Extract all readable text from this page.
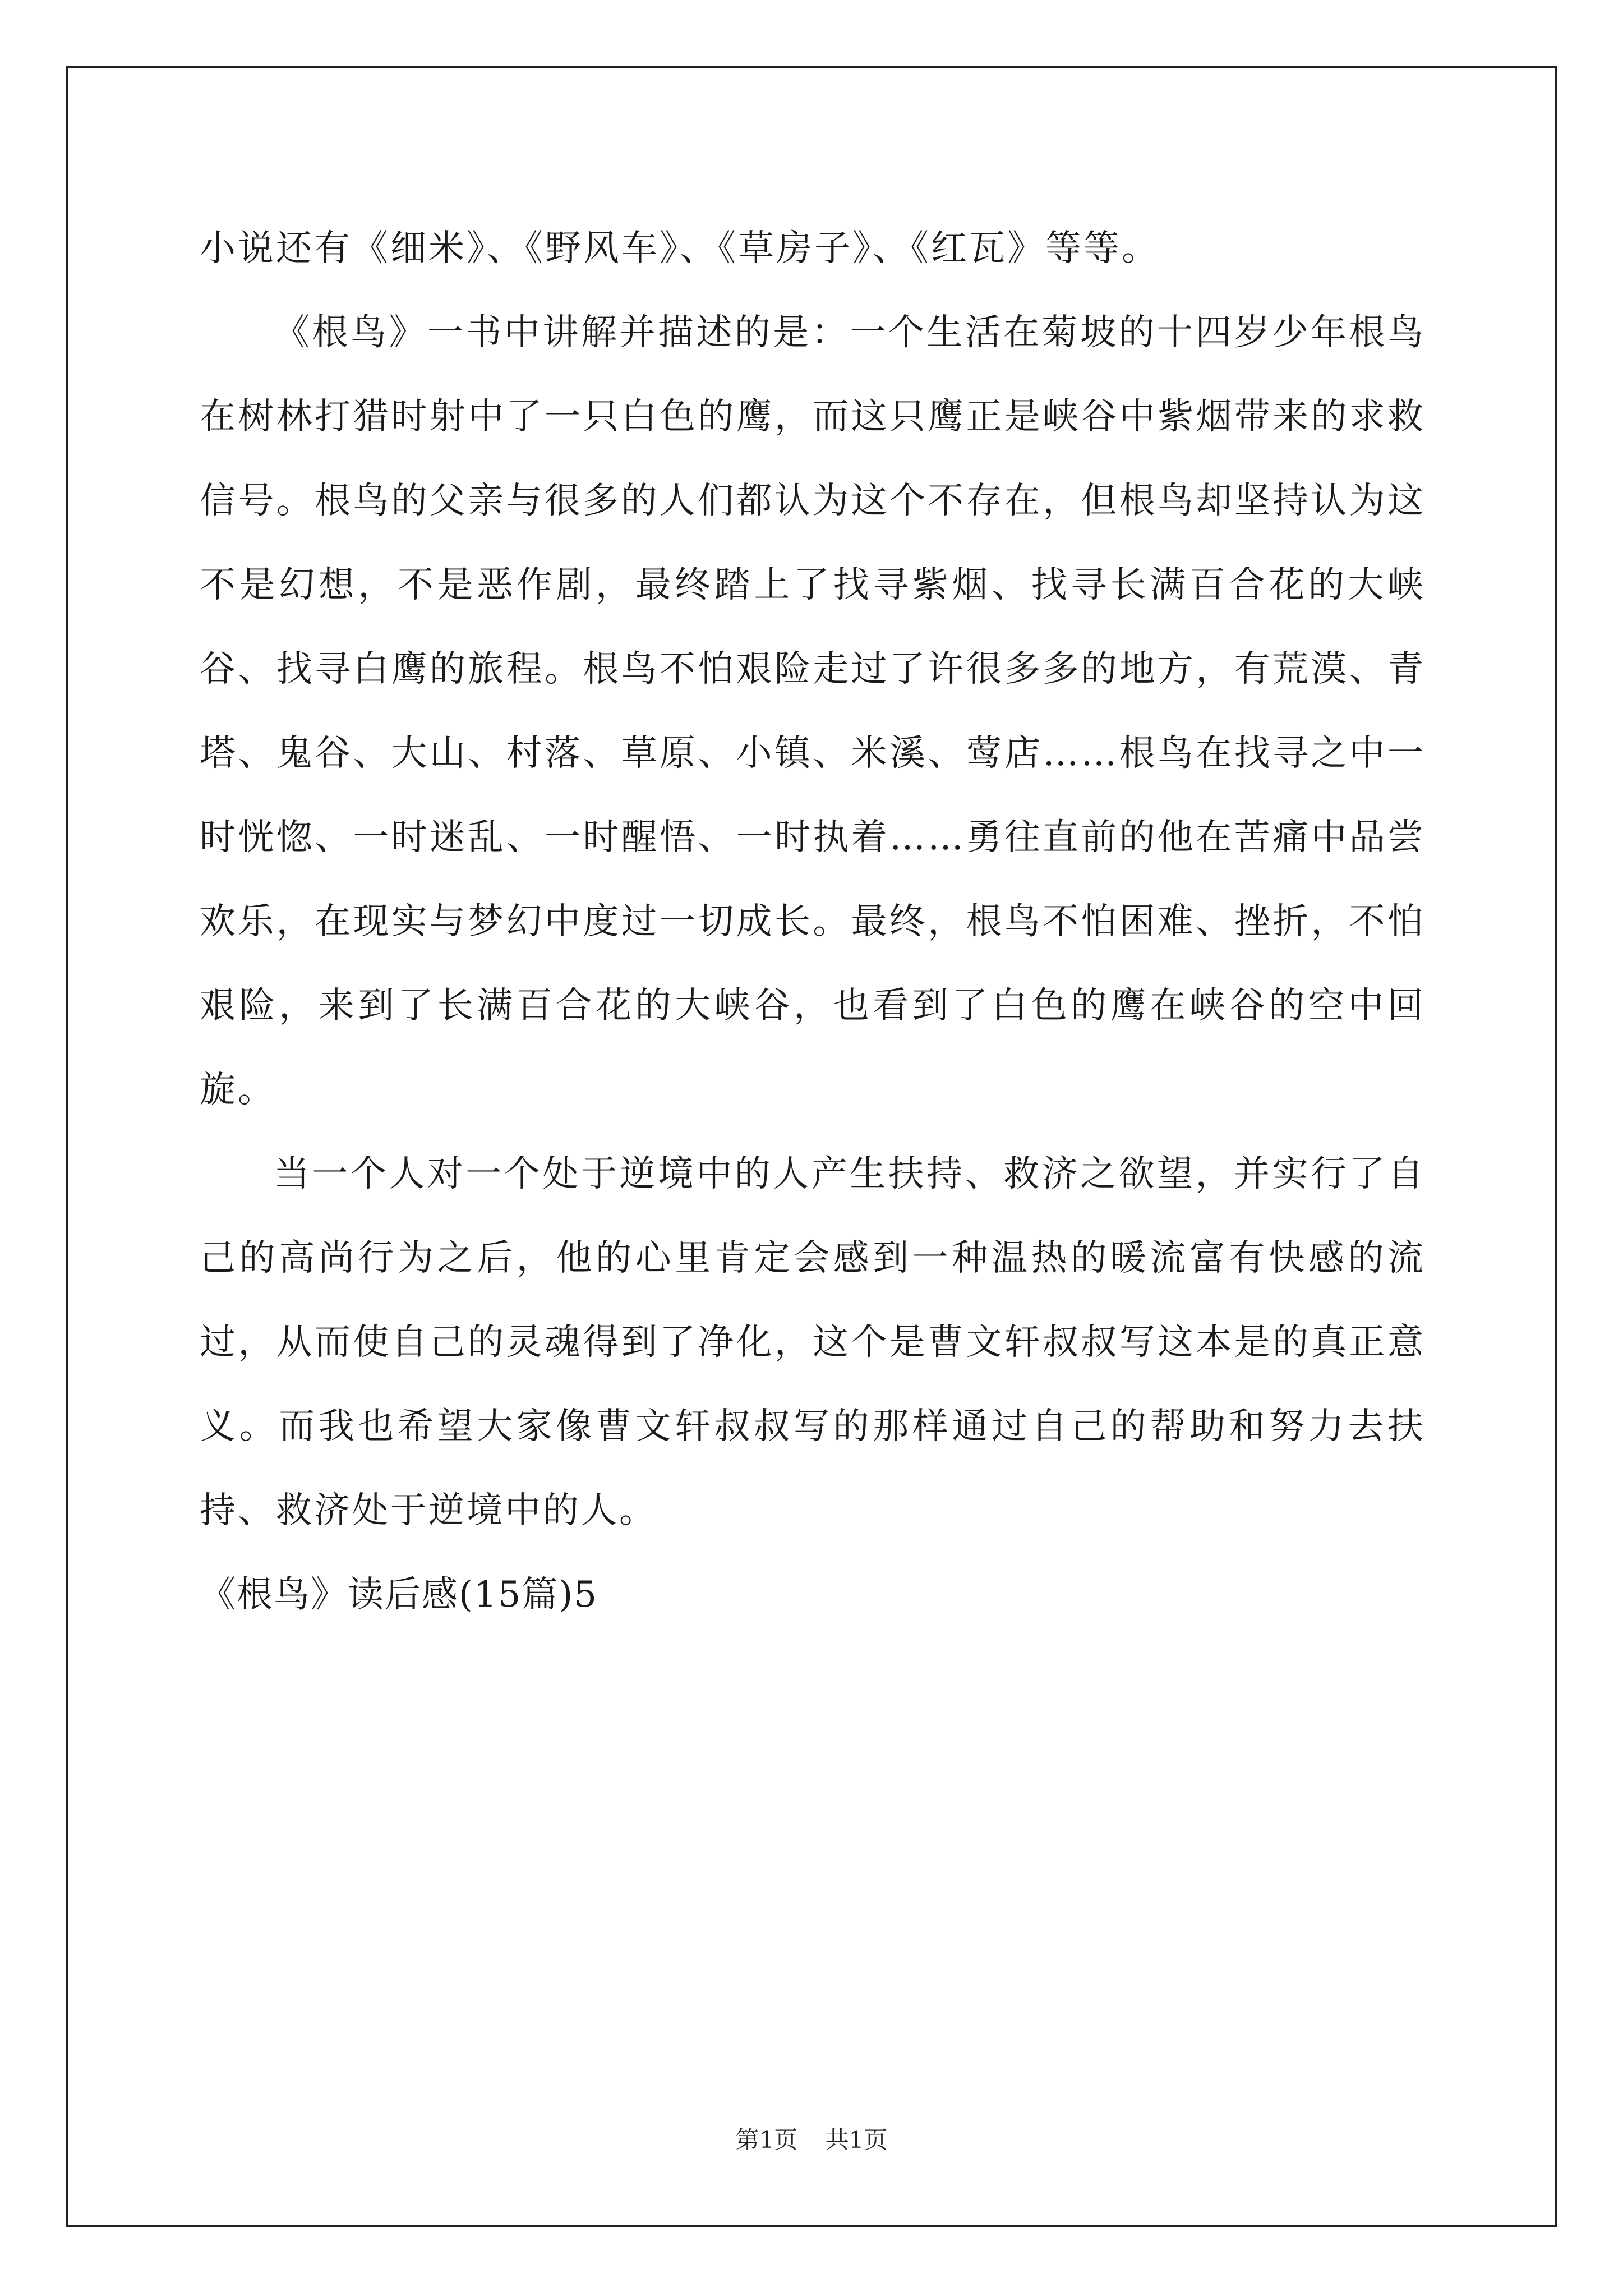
小说还有《细米》、《野风车》、《草房子》、《红瓦》等等。

《根鸟》一书中讲解并描述的是：一个生活在菊坡的十四岁少年根鸟在树林打猎时射中了一只白色的鹰，而这只鹰正是峡谷中紫烟带来的求救信号。根鸟的父亲与很多的人们都认为这个不存在，但根鸟却坚持认为这不是幻想，不是恶作剧，最终踏上了找寻紫烟、找寻长满百合花的大峡谷、找寻白鹰的旅程。根鸟不怕艰险走过了许很多多的地方，有荒漠、青塔、鬼谷、大山、村落、草原、小镇、米溪、莺店……根鸟在找寻之中一时恍惚、一时迷乱、一时醒悟、一时执着……勇往直前的他在苦痛中品尝欢乐，在现实与梦幻中度过一切成长。最终，根鸟不怕困难、挫折，不怕艰险，来到了长满百合花的大峡谷，也看到了白色的鹰在峡谷的空中回旋。

当一个人对一个处于逆境中的人产生扶持、救济之欲望，并实行了自己的高尚行为之后，他的心里肯定会感到一种温热的暖流富有快感的流过，从而使自己的灵魂得到了净化，这个是曹文轩叔叔写这本是的真正意义。而我也希望大家像曹文轩叔叔写的那样通过自己的帮助和努力去扶持、救济处于逆境中的人。

《根鸟》读后感(15篇)5

第1页 共1页
